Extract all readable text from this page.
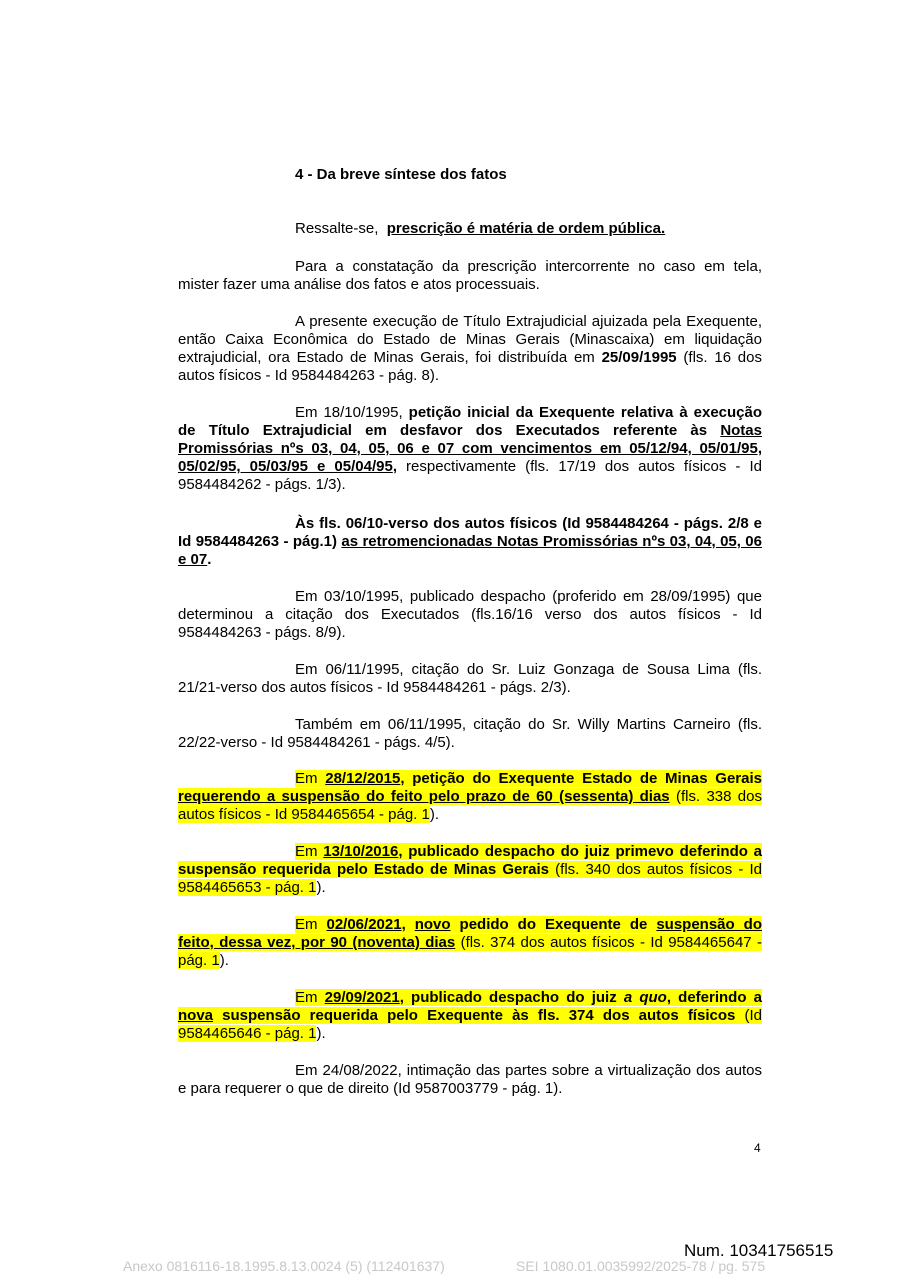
4 - Da breve síntese dos fatos

Ressalte-se, prescrição é matéria de ordem pública.

Para a constatação da prescrição intercorrente no caso em tela, mister fazer uma análise dos fatos e atos processuais.

A presente execução de Título Extrajudicial ajuizada pela Exequente, então Caixa Econômica do Estado de Minas Gerais (Minascaixa) em liquidação extrajudicial, ora Estado de Minas Gerais, foi distribuída em 25/09/1995 (fls. 16 dos autos físicos - Id 9584484263 - pág. 8).

Em 18/10/1995, petição inicial da Exequente relativa à execução de Título Extrajudicial em desfavor dos Executados referente às Notas Promissórias nºs 03, 04, 05, 06 e 07 com vencimentos em 05/12/94, 05/01/95, 05/02/95, 05/03/95 e 05/04/95, respectivamente (fls. 17/19 dos autos físicos - Id 9584484262 - págs. 1/3).

Às fls. 06/10-verso dos autos físicos (Id 9584484264 - págs. 2/8 e Id 9584484263 - pág.1) as retromencionadas Notas Promissórias nºs 03, 04, 05, 06 e 07.

Em 03/10/1995, publicado despacho (proferido em 28/09/1995) que determinou a citação dos Executados (fls.16/16 verso dos autos físicos - Id 9584484263 - págs. 8/9).

Em 06/11/1995, citação do Sr. Luiz Gonzaga de Sousa Lima (fls. 21/21-verso dos autos físicos - Id 9584484261 - págs. 2/3).

Também em 06/11/1995, citação do Sr. Willy Martins Carneiro (fls. 22/22-verso - Id 9584484261 - págs. 4/5).

Em 28/12/2015, petição do Exequente Estado de Minas Gerais requerendo a suspensão do feito pelo prazo de 60 (sessenta) dias (fls. 338 dos autos físicos - Id 9584465654 - pág. 1).

Em 13/10/2016, publicado despacho do juiz primevo deferindo a suspensão requerida pelo Estado de Minas Gerais (fls. 340 dos autos físicos - Id 9584465653 - pág. 1).

Em 02/06/2021, novo pedido do Exequente de suspensão do feito, dessa vez, por 90 (noventa) dias (fls. 374 dos autos físicos - Id 9584465647 - pág. 1).

Em 29/09/2021, publicado despacho do juiz a quo, deferindo a nova suspensão requerida pelo Exequente às fls. 374 dos autos físicos (Id 9584465646 - pág. 1).

Em 24/08/2022, intimação das partes sobre a virtualização dos autos e para requerer o que de direito (Id 9587003779 - pág. 1).

4
Num. 10341756515
Anexo 0816116-18.1995.8.13.0024 (5) (112401637)	SEI 1080.01.0035992/2025-78 / pg. 575
